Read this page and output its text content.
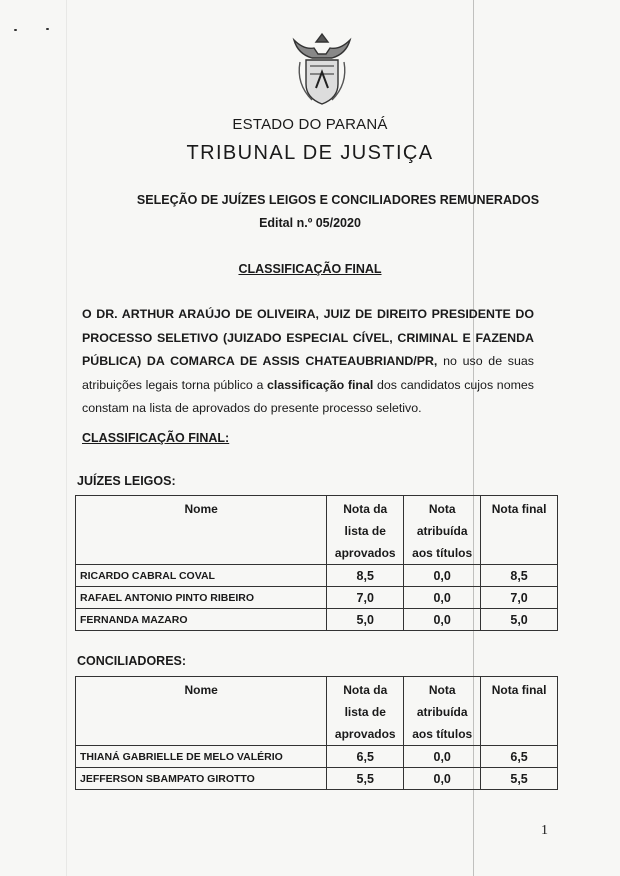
ESTADO DO PARANÁ
TRIBUNAL DE JUSTIÇA
SELEÇÃO DE JUÍZES LEIGOS E CONCILIADORES REMUNERADOS
Edital n.º 05/2020
CLASSIFICAÇÃO FINAL
O DR. ARTHUR ARAÚJO DE OLIVEIRA, JUIZ DE DIREITO PRESIDENTE DO PROCESSO SELETIVO (JUIZADO ESPECIAL CÍVEL, CRIMINAL E FAZENDA PÚBLICA) DA COMARCA DE ASSIS CHATEAUBRIAND/PR, no uso de suas atribuições legais torna público a classificação final dos candidatos cujos nomes constam na lista de aprovados do presente processo seletivo.
CLASSIFICAÇÃO FINAL:
JUÍZES LEIGOS:
Nome	Nota da lista de aprovados	Nota atribuída aos títulos	Nota final
RICARDO CABRAL COVAL	8,5	0,0	8,5
RAFAEL ANTONIO PINTO RIBEIRO	7,0	0,0	7,0
FERNANDA MAZARO	5,0	0,0	5,0
CONCILIADORES:
Nome	Nota da lista de aprovados	Nota atribuída aos títulos	Nota final
THIANÁ GABRIELLE DE MELO VALÉRIO	6,5	0,0	6,5
JEFFERSON SBAMPATO GIROTTO	5,5	0,0	5,5
1
